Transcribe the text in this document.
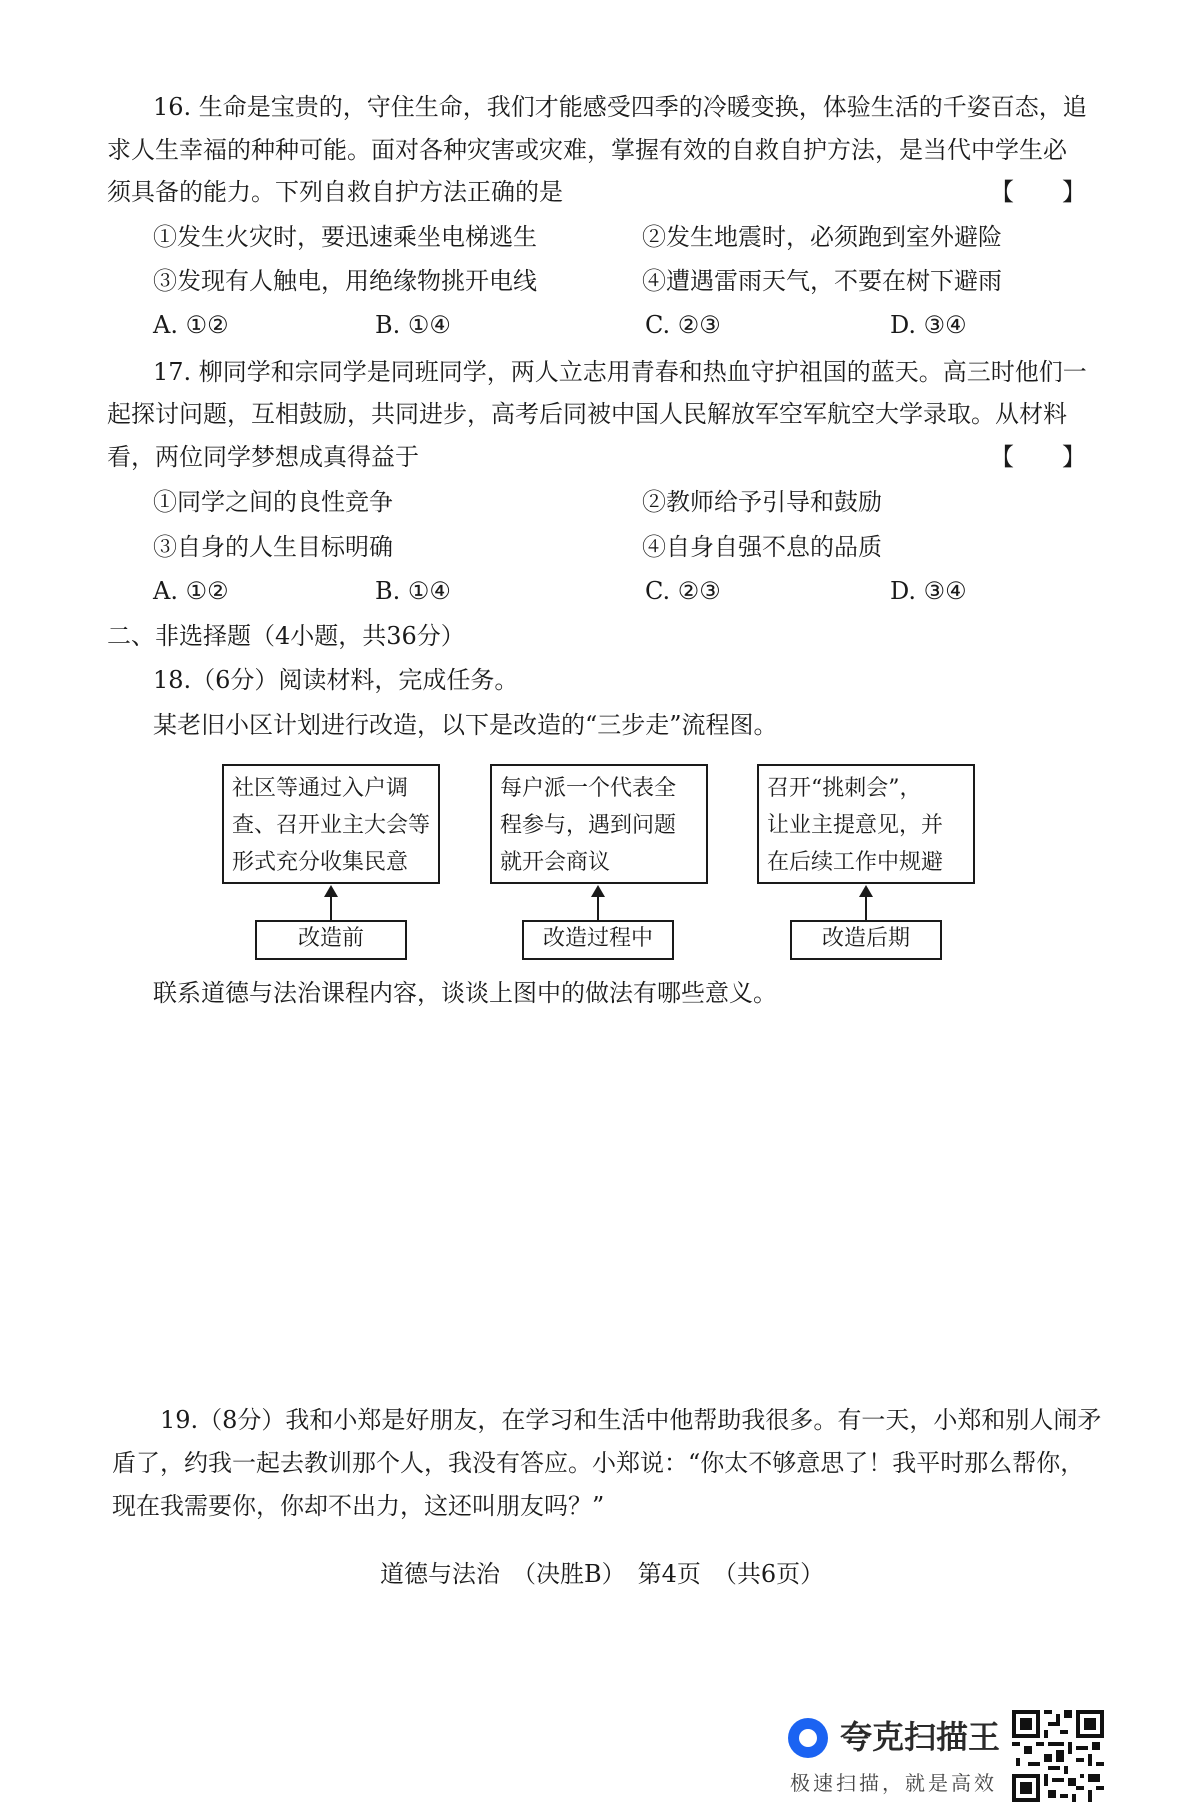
16. 生命是宝贵的，守住生命，我们才能感受四季的冷暖变换，体验生活的千姿百态，追
求人生幸福的种种可能。面对各种灾害或灾难，掌握有效的自救自护方法，是当代中学生必
须具备的能力。下列自救自护方法正确的是	【　　】
①发生火灾时，要迅速乘坐电梯逃生	②发生地震时，必须跑到室外避险
③发现有人触电，用绝缘物挑开电线	④遭遇雷雨天气，不要在树下避雨
A. ①②	B. ①④	C. ②③	D. ③④
17. 柳同学和宗同学是同班同学，两人立志用青春和热血守护祖国的蓝天。高三时他们一
起探讨问题，互相鼓励，共同进步，高考后同被中国人民解放军空军航空大学录取。从材料
看，两位同学梦想成真得益于	【　　】
①同学之间的良性竞争	②教师给予引导和鼓励
③自身的人生目标明确	④自身自强不息的品质
A. ①②	B. ①④	C. ②③	D. ③④
二、非选择题（4小题，共36分）
18.（6分）阅读材料，完成任务。
某老旧小区计划进行改造，以下是改造的“三步走”流程图。
社区等通过入户调
查、召开业主大会等
形式充分收集民意
改造前
每户派一个代表全
程参与，遇到问题
就开会商议
改造过程中
召开“挑刺会”，
让业主提意见，并
在后续工作中规避
改造后期
联系道德与法治课程内容，谈谈上图中的做法有哪些意义。
19.（8分）我和小郑是好朋友，在学习和生活中他帮助我很多。有一天，小郑和别人闹矛
盾了，约我一起去教训那个人，我没有答应。小郑说：“你太不够意思了！我平时那么帮你，
现在我需要你，你却不出力，这还叫朋友吗？”
道德与法治　（决胜B）　第4页　（共6页）
夸克扫描王
极速扫描，就是高效
